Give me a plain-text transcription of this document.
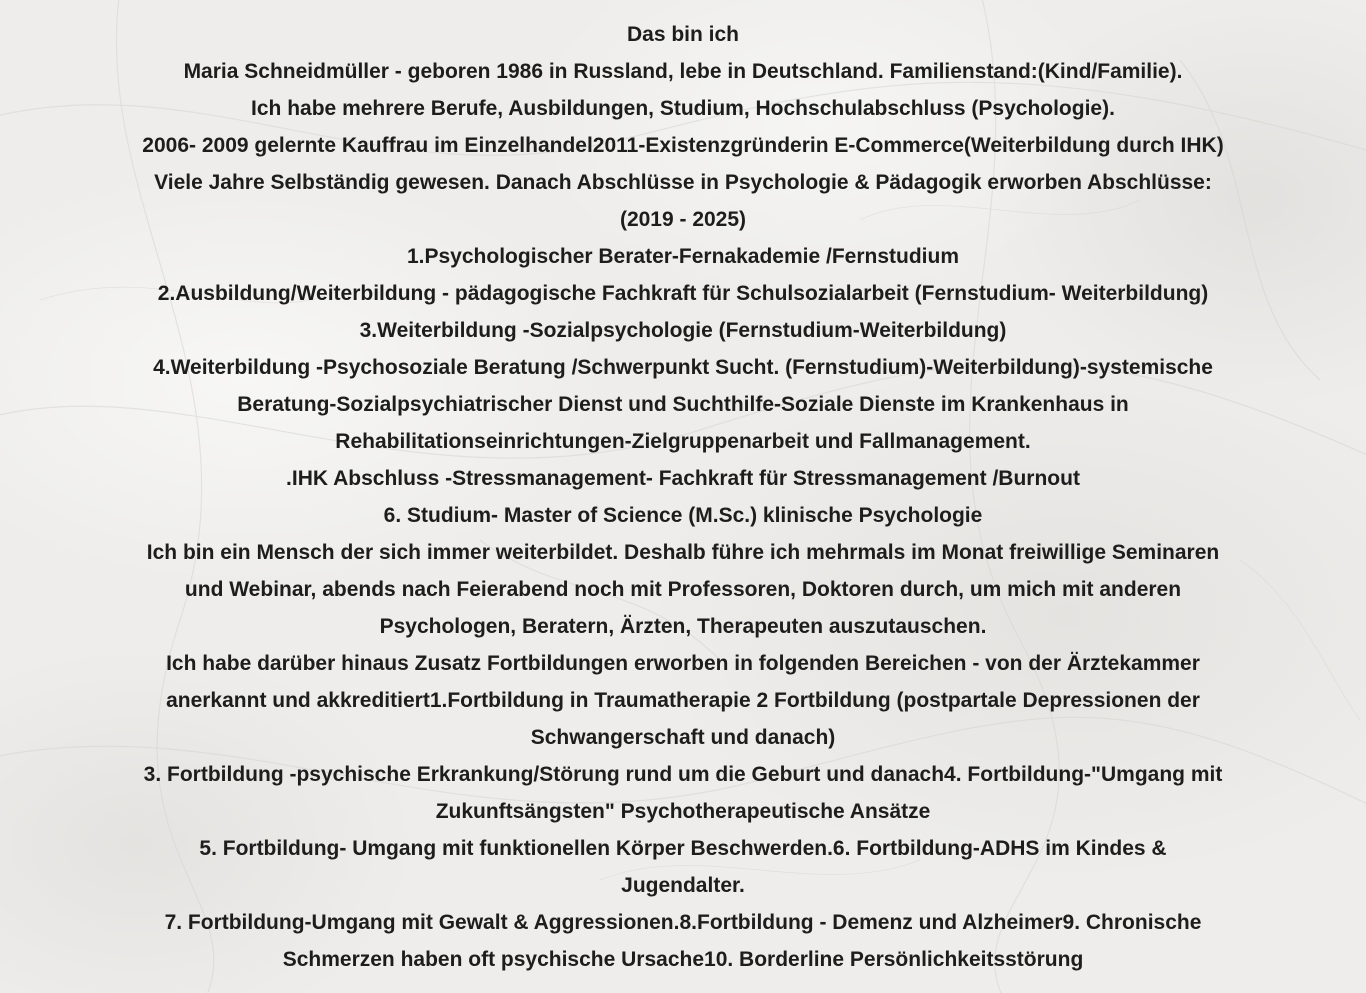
Das bin ich

Maria Schneidmüller - geboren 1986 in Russland, lebe in Deutschland. Familienstand:(Kind/Familie).

Ich habe mehrere Berufe, Ausbildungen, Studium, Hochschulabschluss (Psychologie).

2006- 2009 gelernte Kauffrau im Einzelhandel2011-Existenzgründerin E-Commerce(Weiterbildung durch IHK)

Viele Jahre Selbständig gewesen. Danach Abschlüsse in Psychologie & Pädagogik erworben Abschlüsse:

(2019 - 2025)

1.Psychologischer Berater-Fernakademie /Fernstudium

2.Ausbildung/Weiterbildung - pädagogische Fachkraft für Schulsozialarbeit (Fernstudium- Weiterbildung)

3.Weiterbildung -Sozialpsychologie (Fernstudium-Weiterbildung)

4.Weiterbildung -Psychosoziale Beratung /Schwerpunkt Sucht. (Fernstudium)-Weiterbildung)-systemische

Beratung-Sozialpsychiatrischer Dienst und Suchthilfe-Soziale Dienste im Krankenhaus in

Rehabilitationseinrichtungen-Zielgruppenarbeit und Fallmanagement.

.IHK Abschluss -Stressmanagement- Fachkraft für Stressmanagement /Burnout

6. Studium- Master of Science (M.Sc.) klinische Psychologie

Ich bin ein Mensch der sich immer weiterbildet. Deshalb führe ich mehrmals im Monat freiwillige Seminaren

und Webinar, abends nach Feierabend noch mit Professoren, Doktoren durch, um mich mit anderen

Psychologen, Beratern, Ärzten, Therapeuten auszutauschen.

Ich habe darüber hinaus Zusatz Fortbildungen erworben in folgenden Bereichen - von der Ärztekammer

anerkannt und akkreditiert1.Fortbildung in Traumatherapie 2 Fortbildung (postpartale Depressionen der

Schwangerschaft und danach)

3. Fortbildung -psychische Erkrankung/Störung rund um die Geburt und danach4. Fortbildung-"Umgang mit

Zukunftsängsten" Psychotherapeutische Ansätze

5. Fortbildung- Umgang mit funktionellen Körper Beschwerden.6. Fortbildung-ADHS im Kindes &

Jugendalter.

7. Fortbildung-Umgang mit Gewalt & Aggressionen.8.Fortbildung - Demenz und Alzheimer9. Chronische

Schmerzen haben oft psychische Ursache10. Borderline Persönlichkeitsstörung
